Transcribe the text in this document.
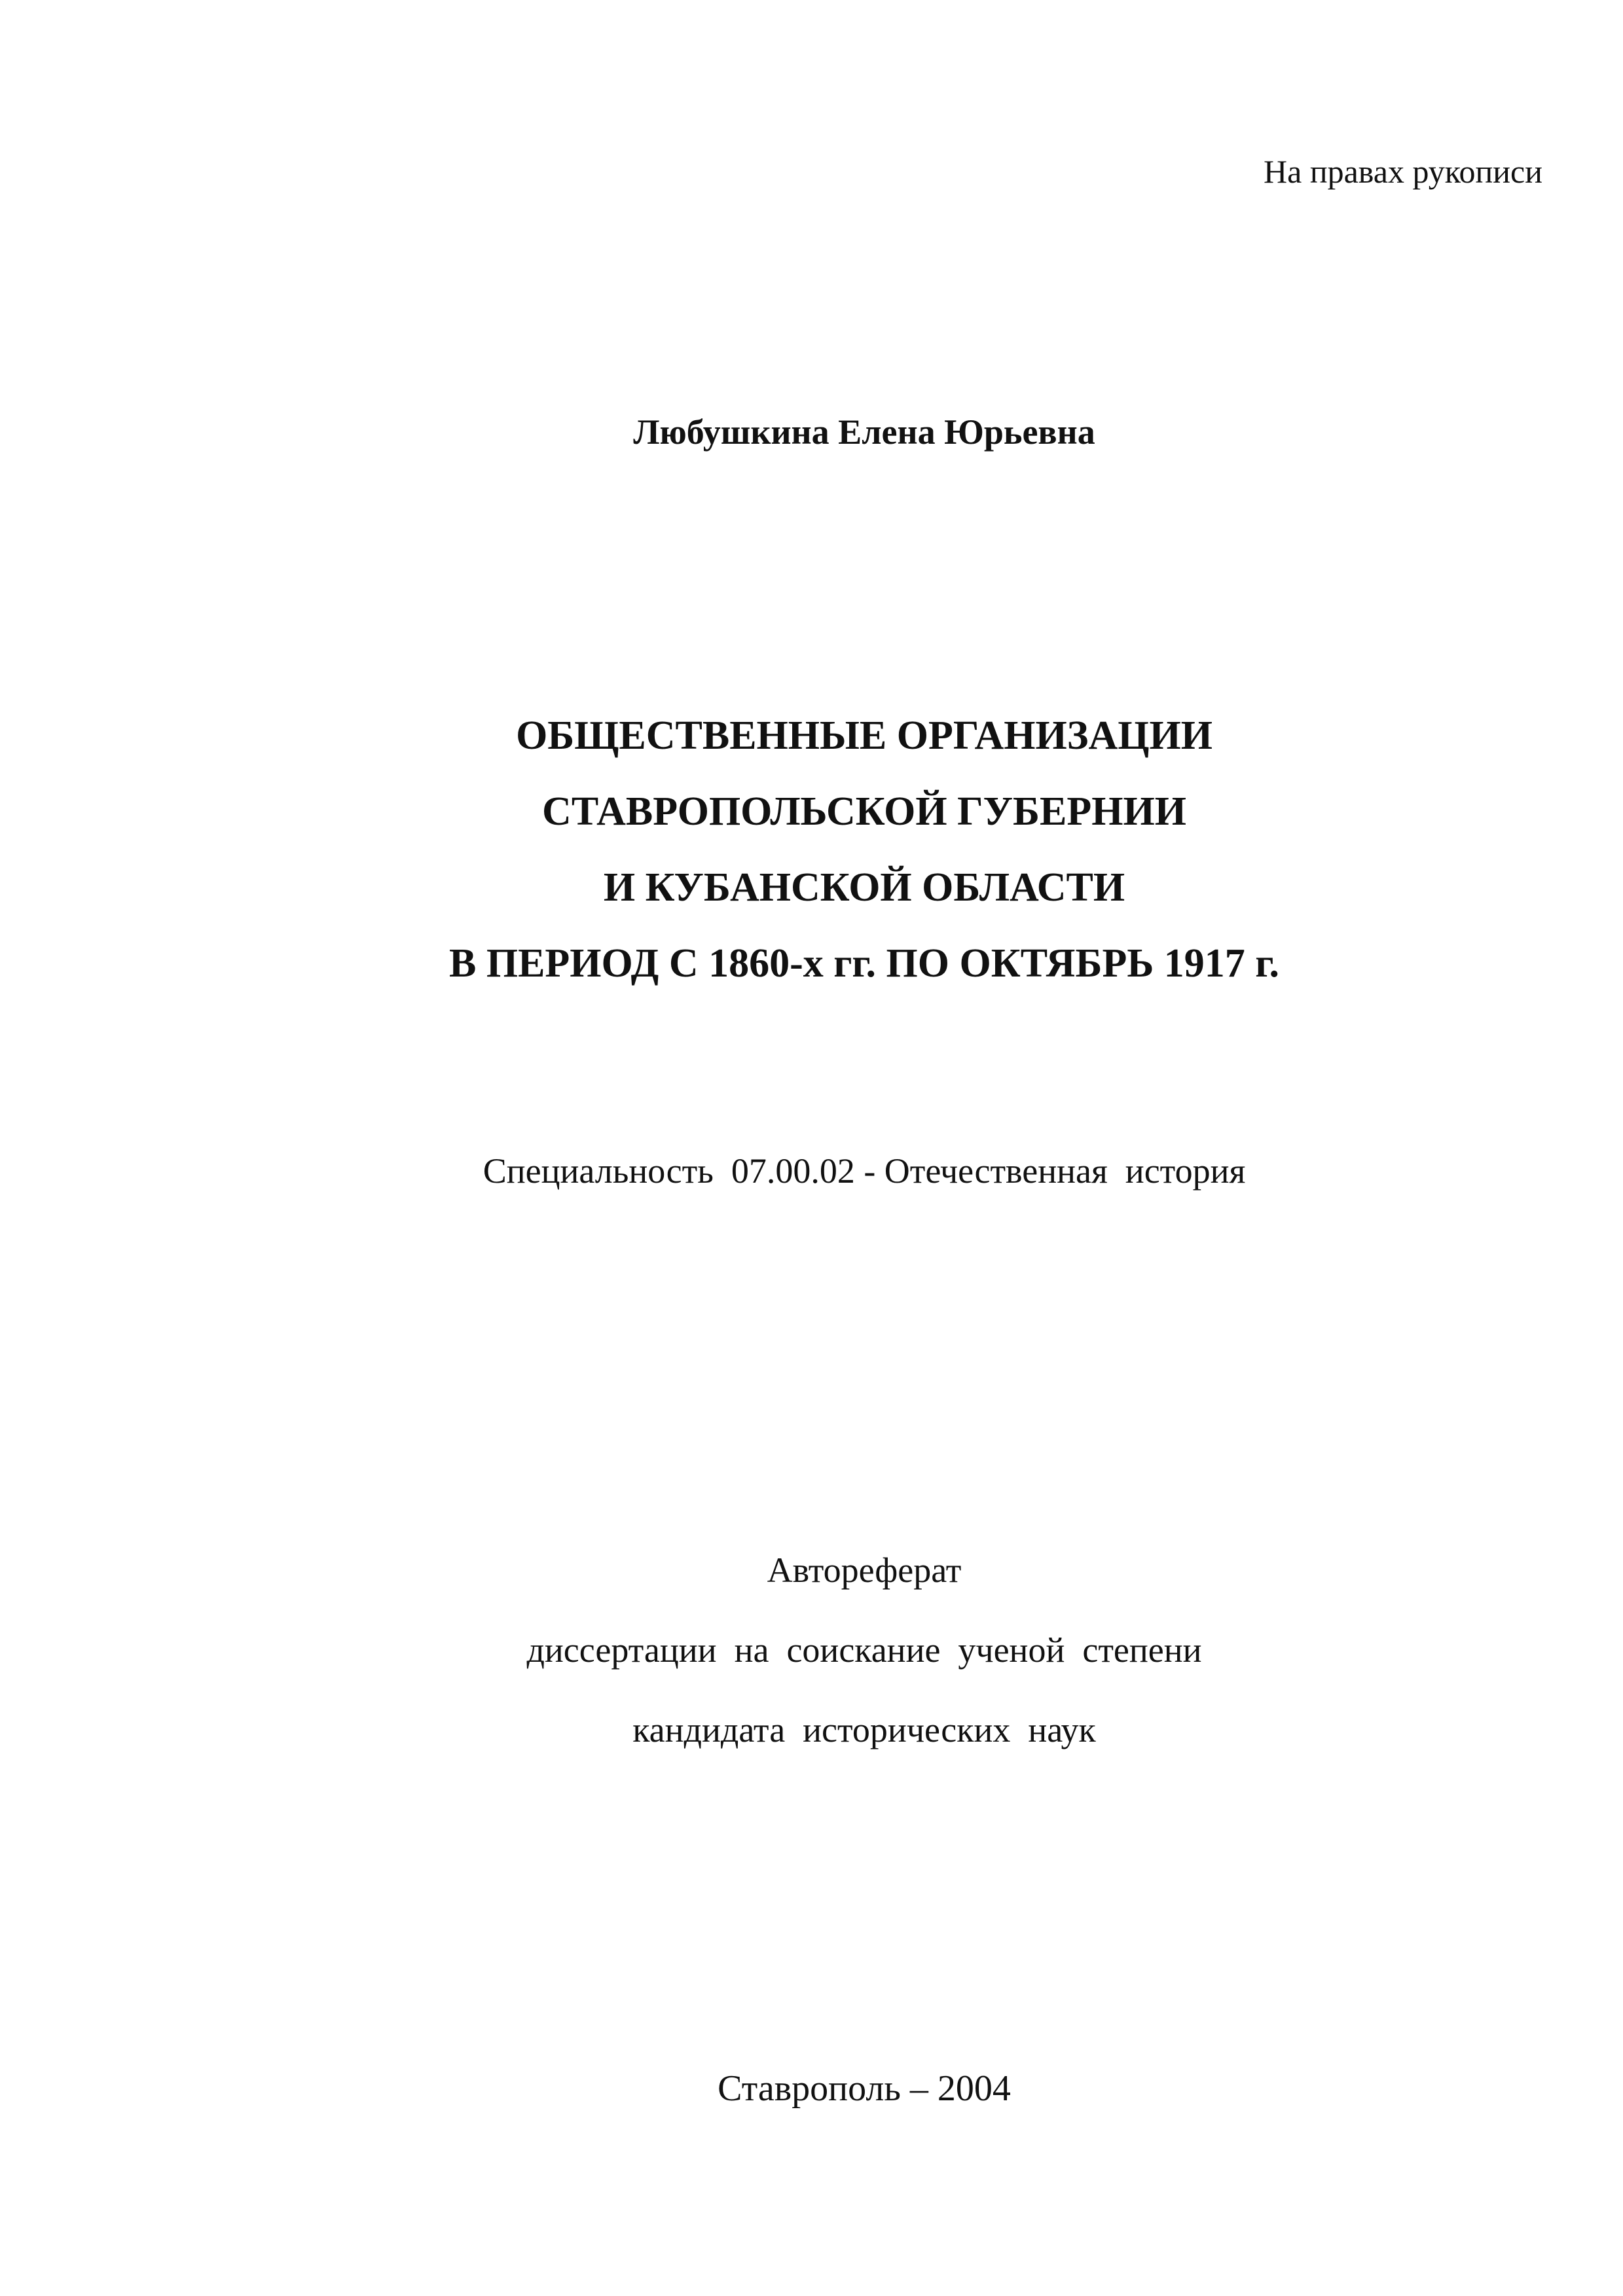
На правах рукописи
Любушкина Елена Юрьевна
ОБЩЕСТВЕННЫЕ ОРГАНИЗАЦИИ
СТАВРОПОЛЬСКОЙ ГУБЕРНИИ
И КУБАНСКОЙ ОБЛАСТИ
В ПЕРИОД С 1860-х гг. ПО ОКТЯБРЬ 1917 г.
Специальность  07.00.02 - Отечественная  история
Автореферат
диссертации  на  соискание  ученой  степени
кандидата  исторических  наук
Ставрополь – 2004
